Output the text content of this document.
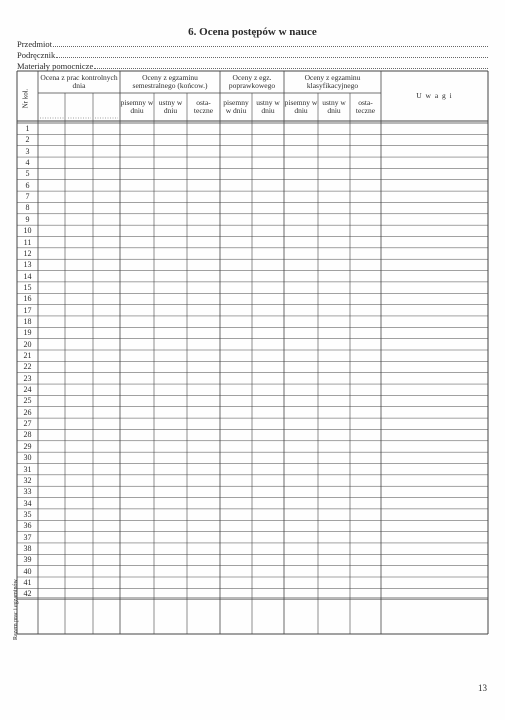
6. Ocena postępów w nauce
Przedmiot
Podręcznik
Materiały pomocnicze
Ocena z prac kontrolnych dnia
Oceny z egzaminu semestralnego (końcow.)
Oceny z egz. poprawkowego
Oceny z egzaminu klasyfikacyjnego
U w a g i
pisemny w dniu
ustny w dniu
osta-teczne
pisemny w dniu
ustny w dniu
pisemny w dniu
ustny w dniu
osta-teczne
Nr kol.
Razem prac i egzaminów
1
2
3
4
5
6
7
8
9
10
11
12
13
14
15
16
17
18
19
20
21
22
23
24
25
26
27
28
29
30
31
32
33
34
35
36
37
38
39
40
41
42
13
